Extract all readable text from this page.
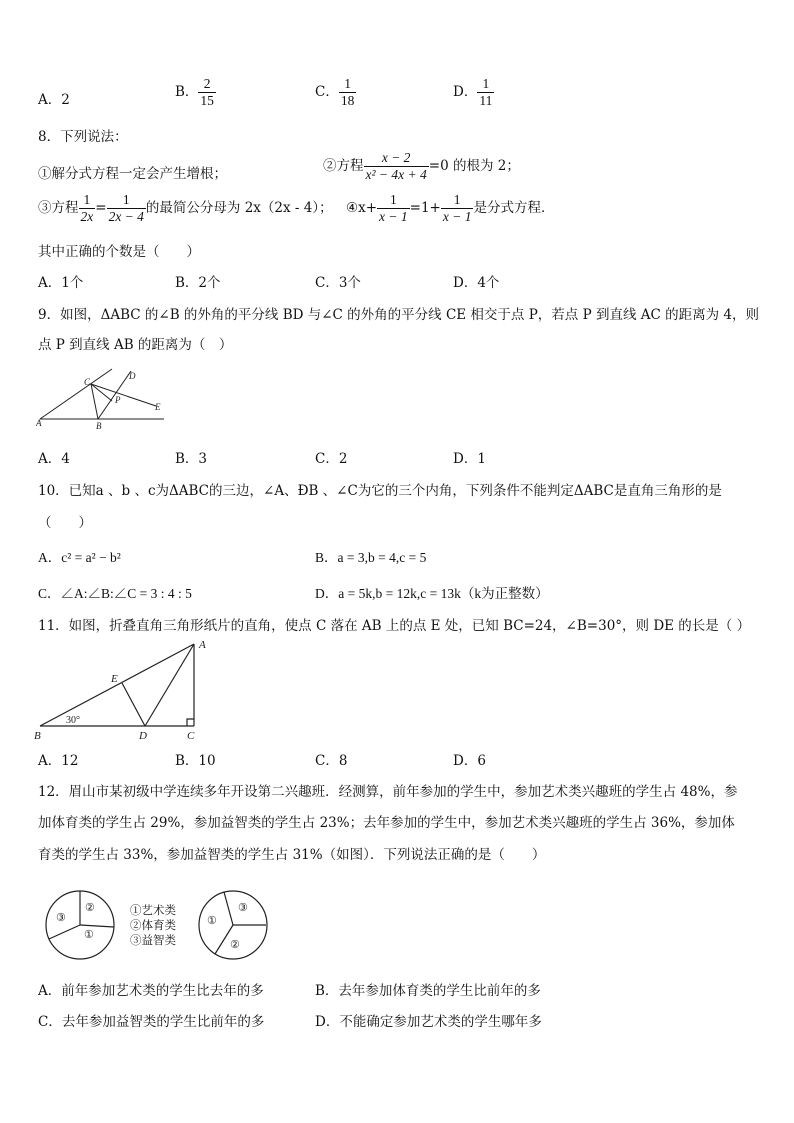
A．2	B． $\frac{2}{15}$	C． $\frac{1}{18}$	D． $\frac{1}{11}$
8．下列说法：
①解分式方程一定会产生增根；	②方程 $\frac{x - 2}{\text{x² − 4x + 4}} =0$ 的根为 2；
③方程 $\frac{1}{2x} = \frac{1}{2x - 4}$ 的最简公分母为 2x（2x - 4）； ④x+ $\frac{1}{x - 1} =1+ \frac{1}{x - 1}$ 是分式方程．
其中正确的个数是（　　）
A．1个	B．2个	C．3个	D．4个
9．如图，ΔABC 的∠B 的外角的平分线 BD 与∠C 的外角的平分线 CE 相交于点 P，若点 P 到直线 AC 的距离为 4，则
点 P 到直线 AB 的距离为（　）
A	B
C
D
E
P
A．4	B．3	C．2	D．1
10．已知a 、b 、c为ΔABC的三边，∠A、ÐB 、∠C为它的三个内角，下列条件不能判定ΔABC是直角三角形的是
（　　）
A．c² = a² − b²	B．a = 3,b = 4,c = 5
C．∠A:∠B:∠C = 3 : 4 : 5	D．a = 5k,b = 12k,c = 13k（k为正整数）
11．如图，折叠直角三角形纸片的直角，使点 C 落在 AB 上的点 E 处，已知 BC=24，∠B=30°，则 DE 的长是（ ）
B	D	C
A
E
30°
A．12	B．10	C．8	D．6
12．眉山市某初级中学连续多年开设第二兴趣班．经测算，前年参加的学生中，参加艺术类兴趣班的学生占 48%，参
加体育类的学生占 29%，参加益智类的学生占 23%；去年参加的学生中，参加艺术类兴趣班的学生占 36%，参加体
育类的学生占 33%，参加益智类的学生占 31%（如图）．下列说法正确的是（　　）
①
②
③	①
②
③
①艺术类
②体育类
③益智类
A．前年参加艺术类的学生比去年的多	B．去年参加体育类的学生比前年的多
C．去年参加益智类的学生比前年的多	D．不能确定参加艺术类的学生哪年多
